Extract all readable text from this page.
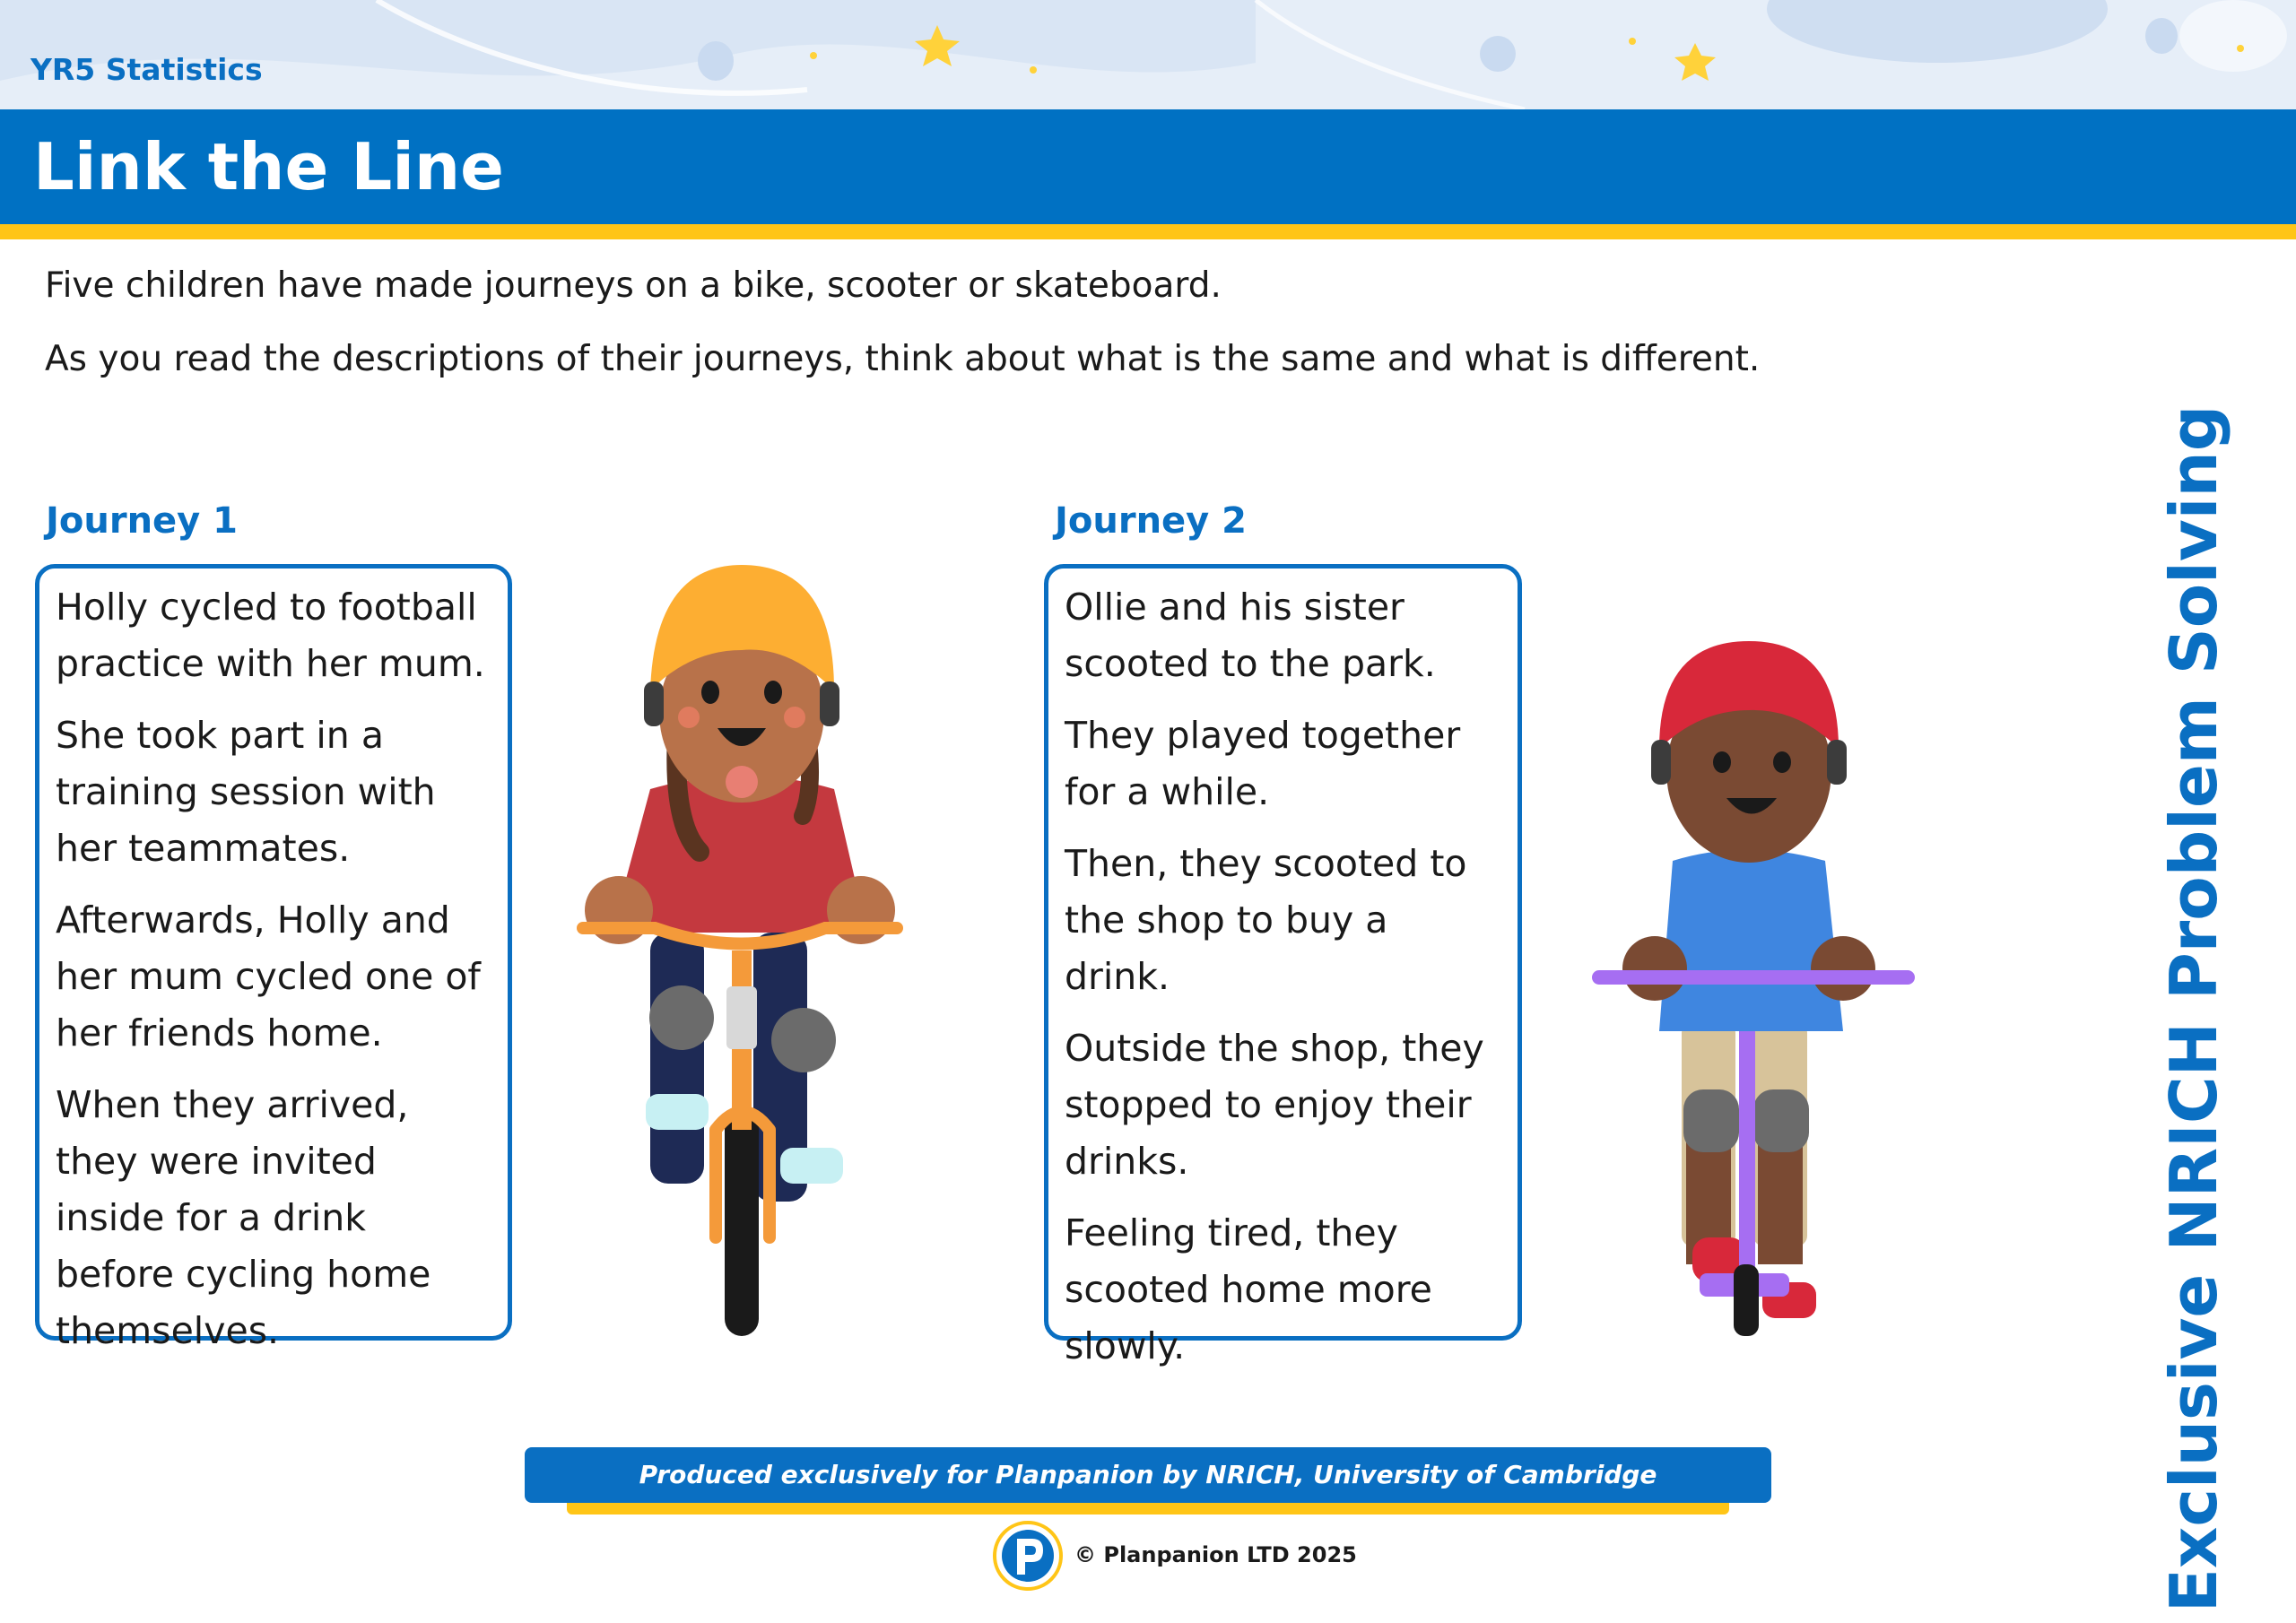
YR5 Statistics
Link the Line
Five children have made journeys on a bike, scooter or skateboard.
As you read the descriptions of their journeys, think about what is the same and what is different.
Journey 1

Holly cycled to football practice with her mum.

She took part in a training session with her teammates.

Afterwards, Holly and her mum cycled one of her friends home.

When they arrived, they were invited inside for a drink before cycling home themselves.

Journey 2

Ollie and his sister scooted to the park.

They played together for a while.

Then, they scooted to the shop to buy a drink.

Outside the shop, they stopped to enjoy their drinks.

Feeling tired, they scooted home more slowly.	Exclusive NRICH Problem Solving
Produced exclusively for Planpanion by NRICH, University of Cambridge
© Planpanion LTD 2025
